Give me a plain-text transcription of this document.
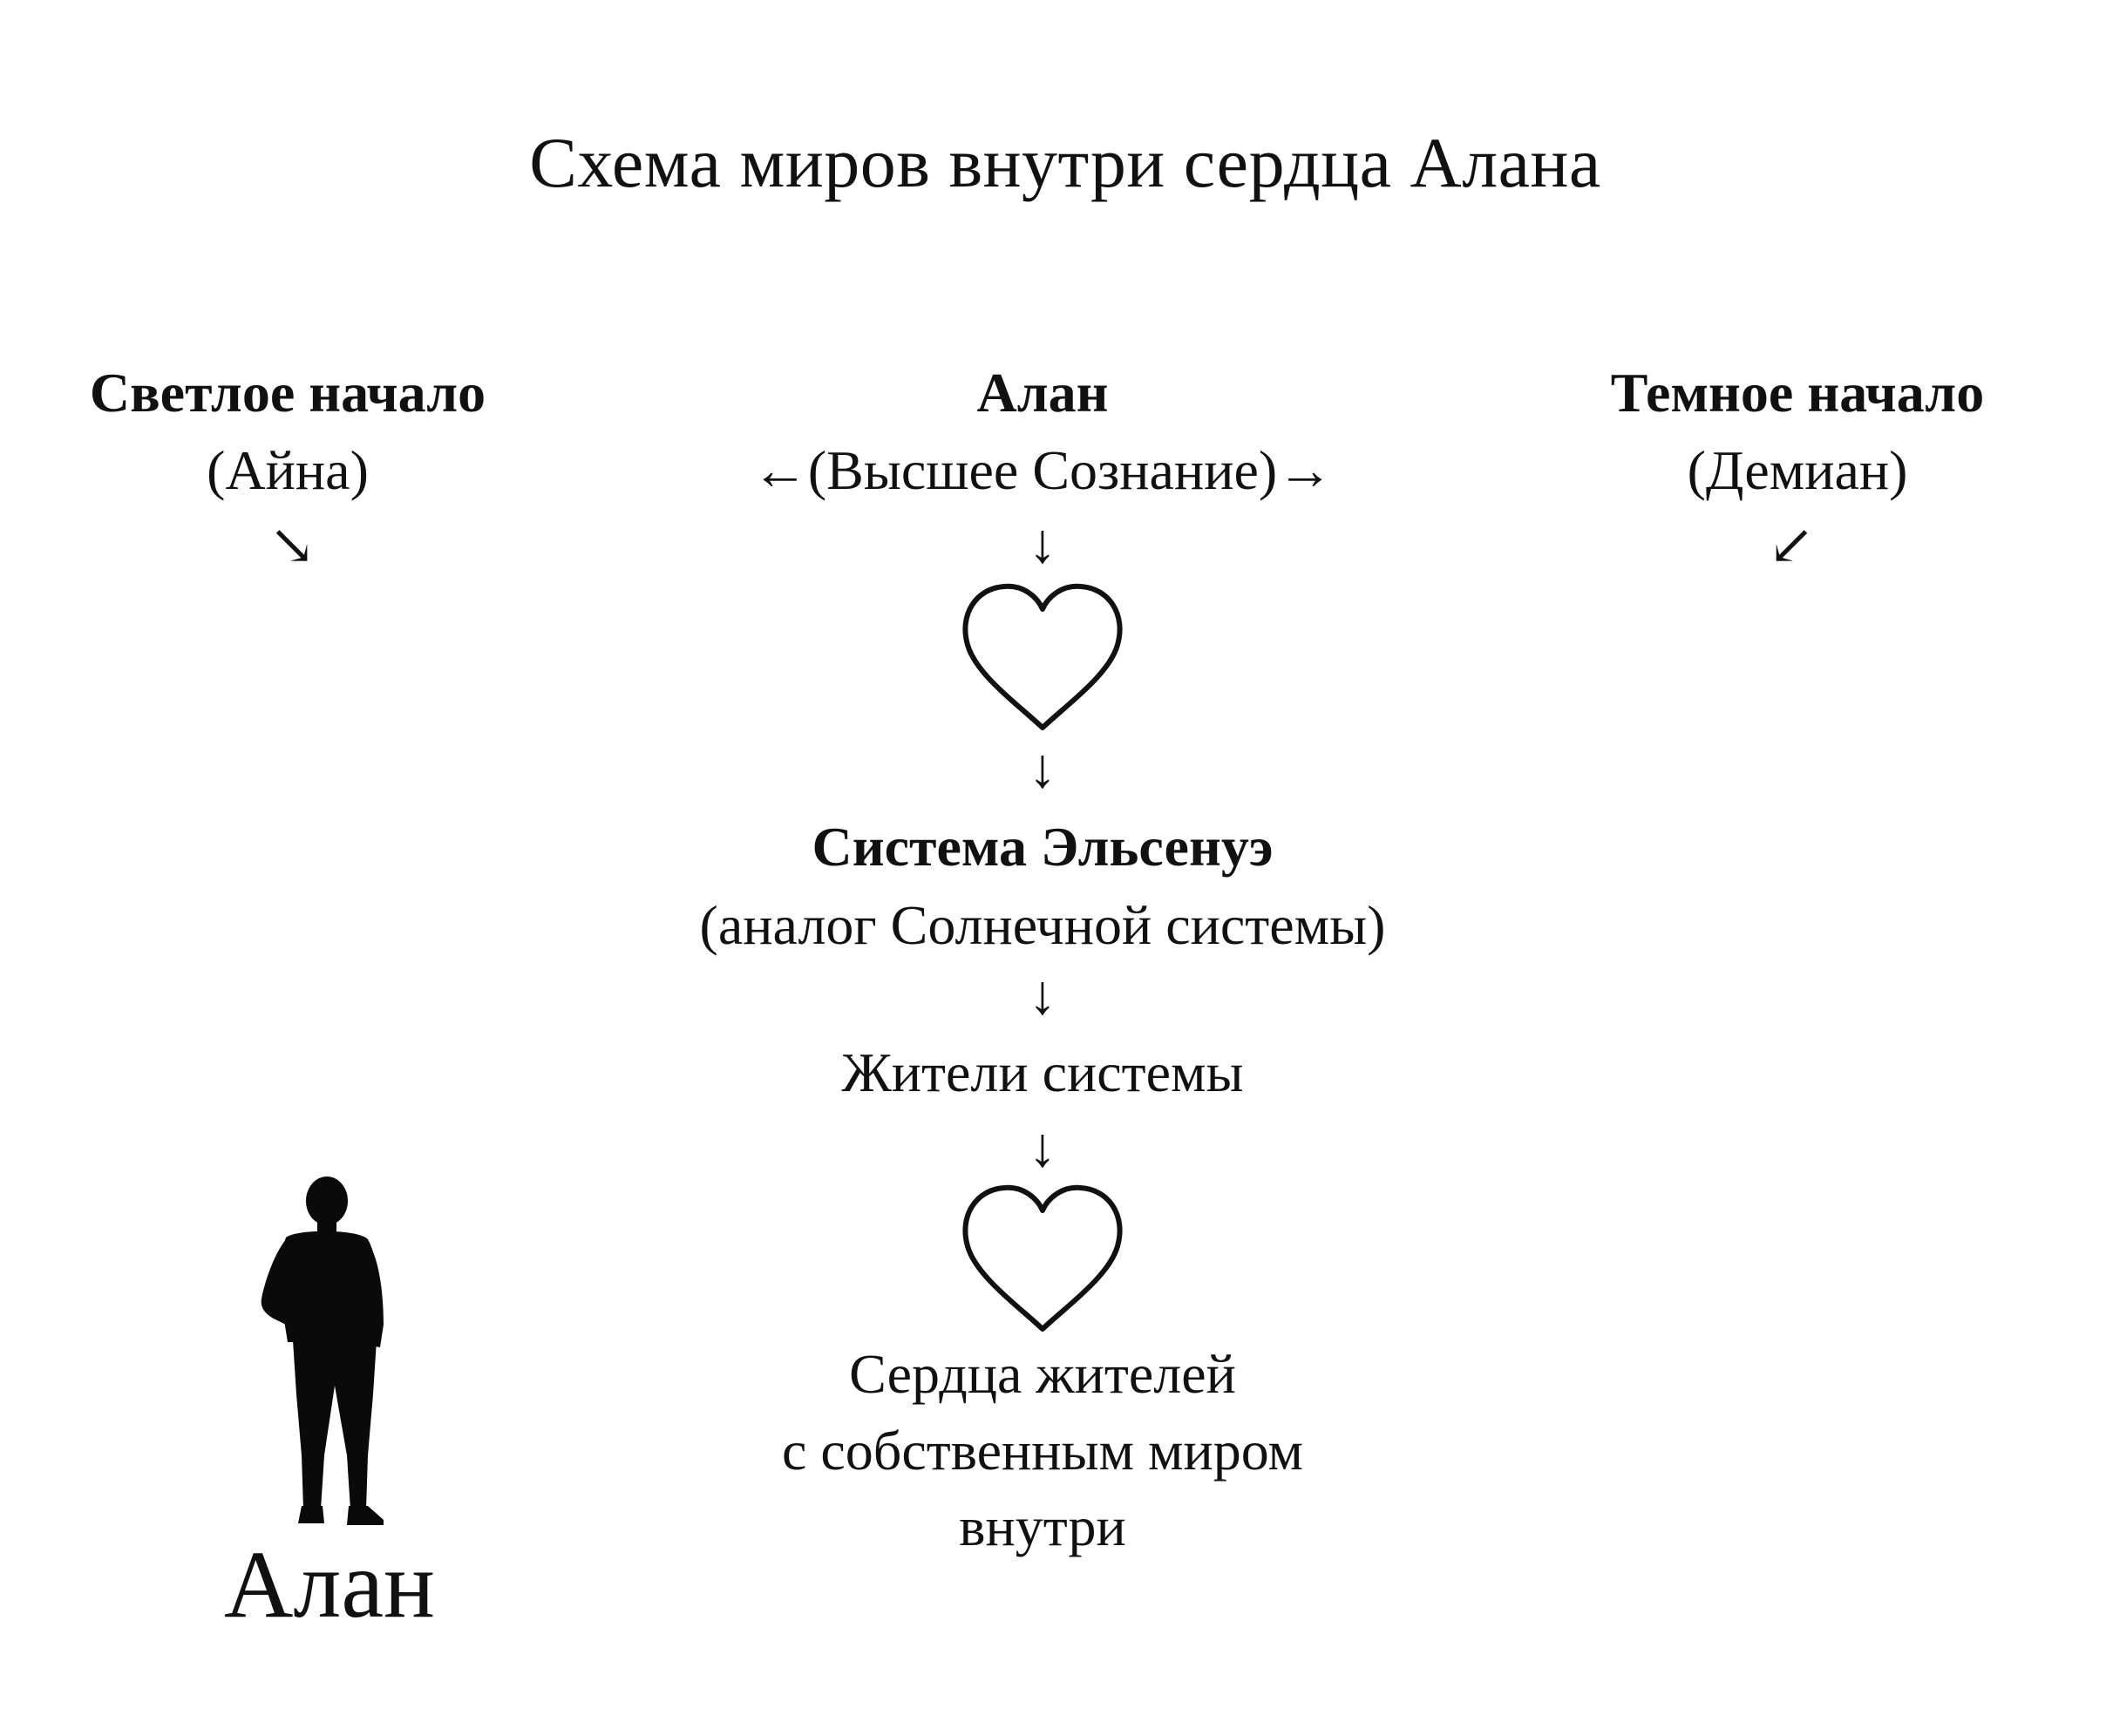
Схема миров внутри сердца Алана
Светлое начало
(Айна)
↘
Темное начало
(Демиан)
↙
Алан
←(Высшее Сознание)→
↓
↓
Система Эльсенуэ
(аналог Солнечной системы)
↓
Жители системы
↓
Сердца жителей
с собственным миром
внутри
Алан
